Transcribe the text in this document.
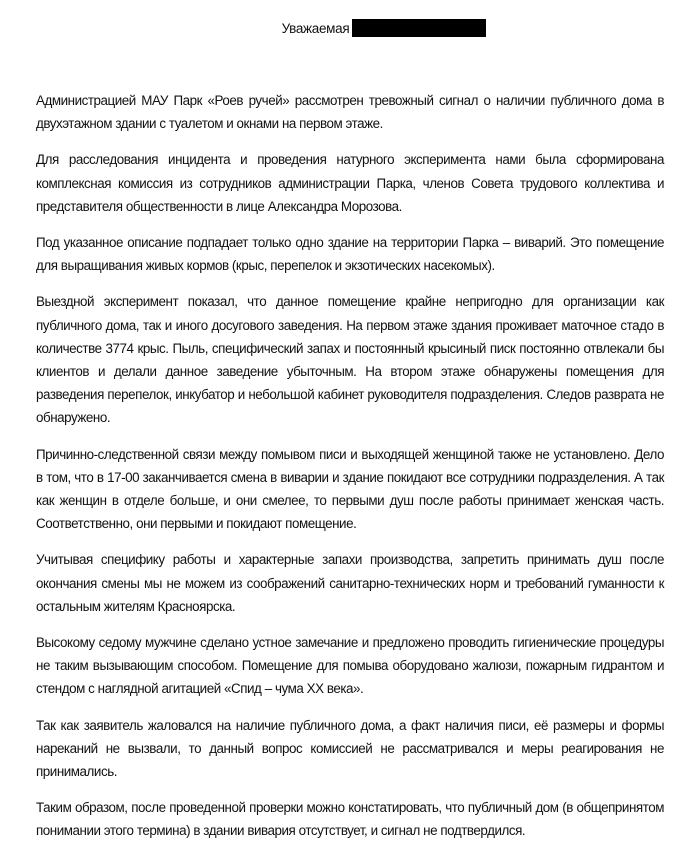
Уважаемая

Администрацией МАУ Парк «Роев ручей» рассмотрен тревожный сигнал о наличии публичного дома в двухэтажном здании с туалетом и окнами на первом этаже.

Для расследования инцидента и проведения натурного эксперимента нами была сформирована комплексная комиссия из сотрудников администрации Парка, членов Совета трудового коллектива и представителя общественности в лице Александра Морозова.

Под указанное описание подпадает только одно здание на территории Парка – виварий. Это помещение для выращивания живых кормов (крыс, перепелок и экзотических насекомых).

Выездной эксперимент показал, что данное помещение крайне непригодно для организации как публичного дома, так и иного досугового заведения. На первом этаже здания проживает маточное стадо в количестве 3774 крыс. Пыль, специфический запах и постоянный крысиный писк постоянно отвлекали бы клиентов и делали данное заведение убыточным. На втором этаже обнаружены помещения для разведения перепелок, инкубатор и небольшой кабинет руководителя подразделения. Следов разврата не обнаружено.

Причинно-следственной связи между помывом писи и выходящей женщиной также не установлено. Дело в том, что в 17-00 заканчивается смена в виварии и здание покидают все сотрудники подразделения. А так как женщин в отделе больше, и они смелее, то первыми душ после работы принимает женская часть. Соответственно, они первыми и покидают помещение.

Учитывая специфику работы и характерные запахи производства, запретить принимать душ после окончания смены мы не можем из соображений санитарно-технических норм и требований гуманности к остальным жителям Красноярска.

Высокому седому мужчине сделано устное замечание и предложено проводить гигиенические процедуры не таким вызывающим способом. Помещение для помыва оборудовано жалюзи, пожарным гидрантом и стендом с наглядной агитацией «Спид – чума XX века».

Так как заявитель жаловался на наличие публичного дома, а факт наличия писи, её размеры и формы нареканий не вызвали, то данный вопрос комиссией не рассматривался и меры реагирования не принимались.

Таким образом, после проведенной проверки можно констатировать, что публичный дом (в общепринятом понимании этого термина) в здании вивария отсутствует, и сигнал не подтвердился.
